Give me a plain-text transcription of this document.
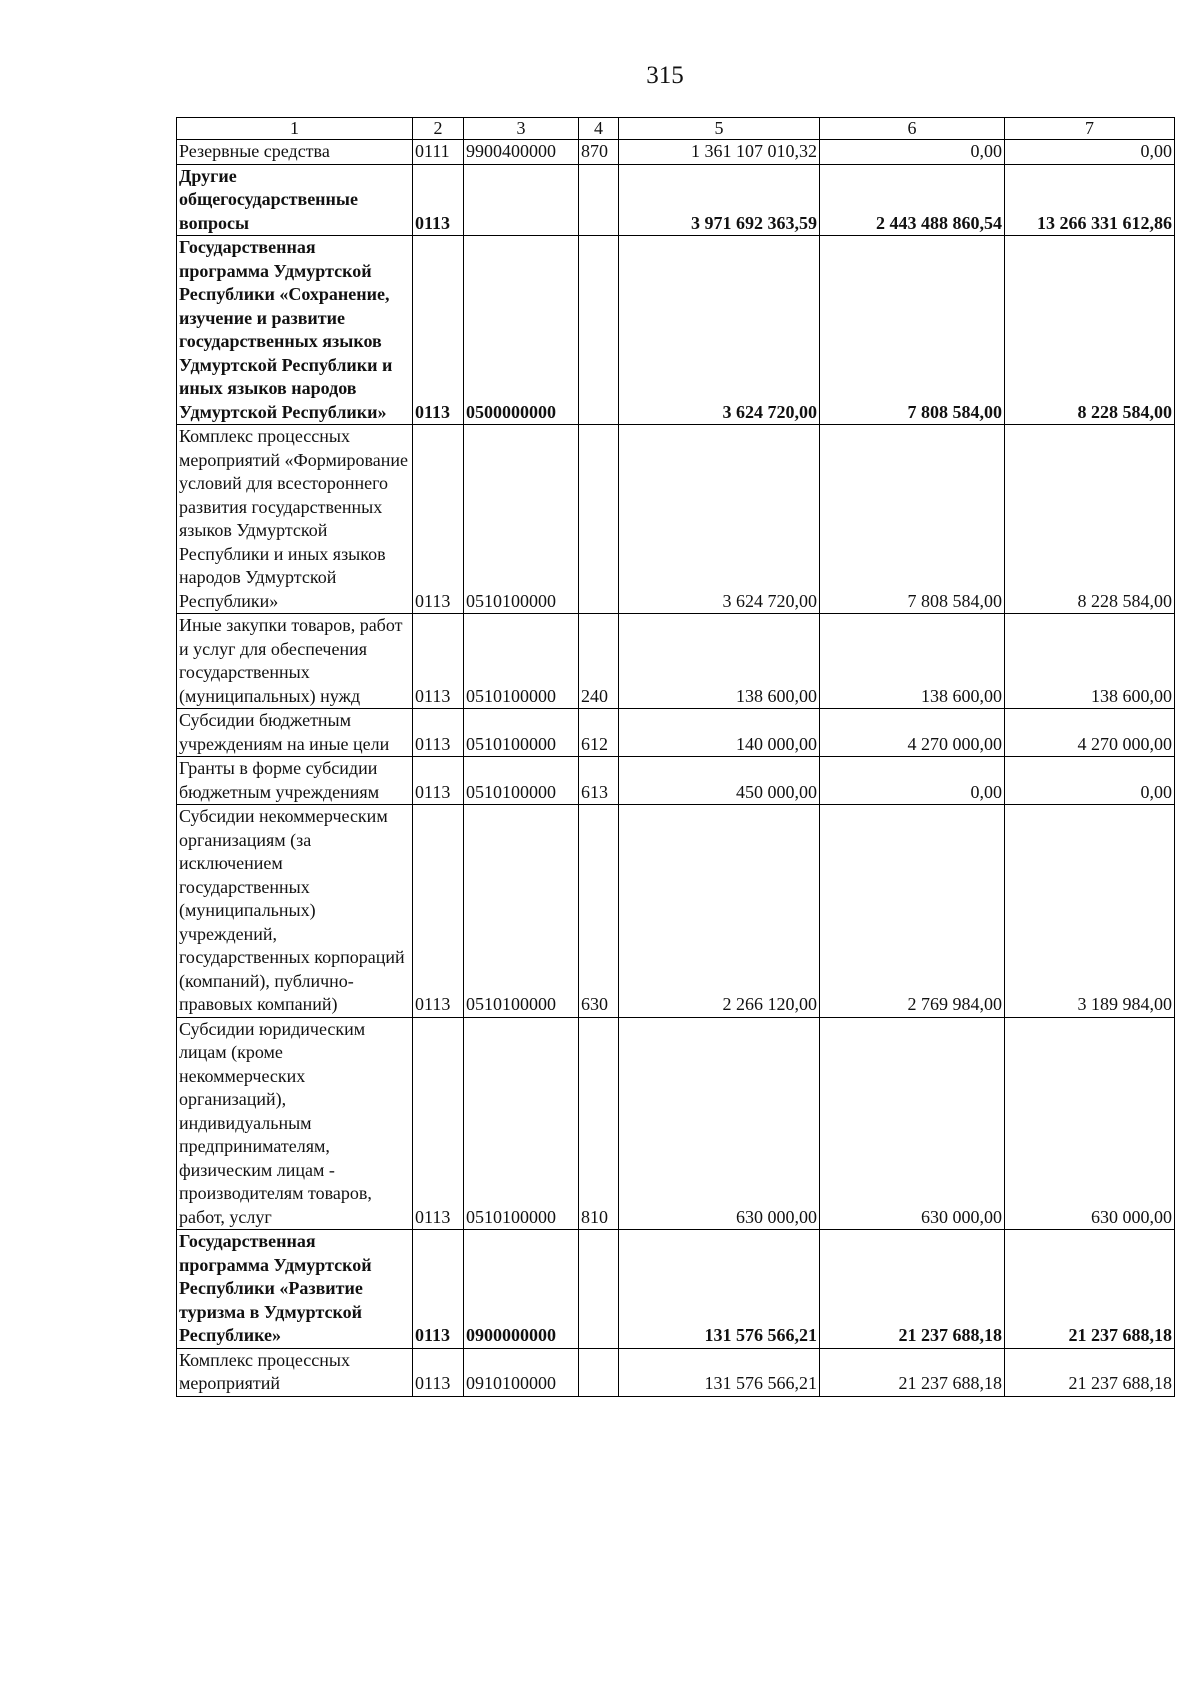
315
1	2	3	4	5	6	7
Резервные средства	0111	9900400000	870	1 361 107 010,32	0,00	0,00
Другие общегосударственные вопросы	0113			3 971 692 363,59	2 443 488 860,54	13 266 331 612,86
Государственная программа Удмуртской Республики «Сохранение, изучение и развитие государственных языков Удмуртской Республики и иных языков народов Удмуртской Республики»	0113	0500000000		3 624 720,00	7 808 584,00	8 228 584,00
Комплекс процессных мероприятий «Формирование условий для всестороннего развития государственных языков Удмуртской Республики и иных языков народов Удмуртской Республики»	0113	0510100000		3 624 720,00	7 808 584,00	8 228 584,00
Иные закупки товаров, работ и услуг для обеспечения государственных (муниципальных) нужд	0113	0510100000	240	138 600,00	138 600,00	138 600,00
Субсидии бюджетным учреждениям на иные цели	0113	0510100000	612	140 000,00	4 270 000,00	4 270 000,00
Гранты в форме субсидии бюджетным учреждениям	0113	0510100000	613	450 000,00	0,00	0,00
Субсидии некоммерческим организациям (за исключением государственных (муниципальных) учреждений, государственных корпораций (компаний), публично-правовых компаний)	0113	0510100000	630	2 266 120,00	2 769 984,00	3 189 984,00
Субсидии юридическим лицам (кроме некоммерческих организаций), индивидуальным предпринимателям, физическим лицам - производителям товаров, работ, услуг	0113	0510100000	810	630 000,00	630 000,00	630 000,00
Государственная программа Удмуртской Республики «Развитие туризма в Удмуртской Республике»	0113	0900000000		131 576 566,21	21 237 688,18	21 237 688,18
Комплекс процессных мероприятий	0113	0910100000		131 576 566,21	21 237 688,18	21 237 688,18
